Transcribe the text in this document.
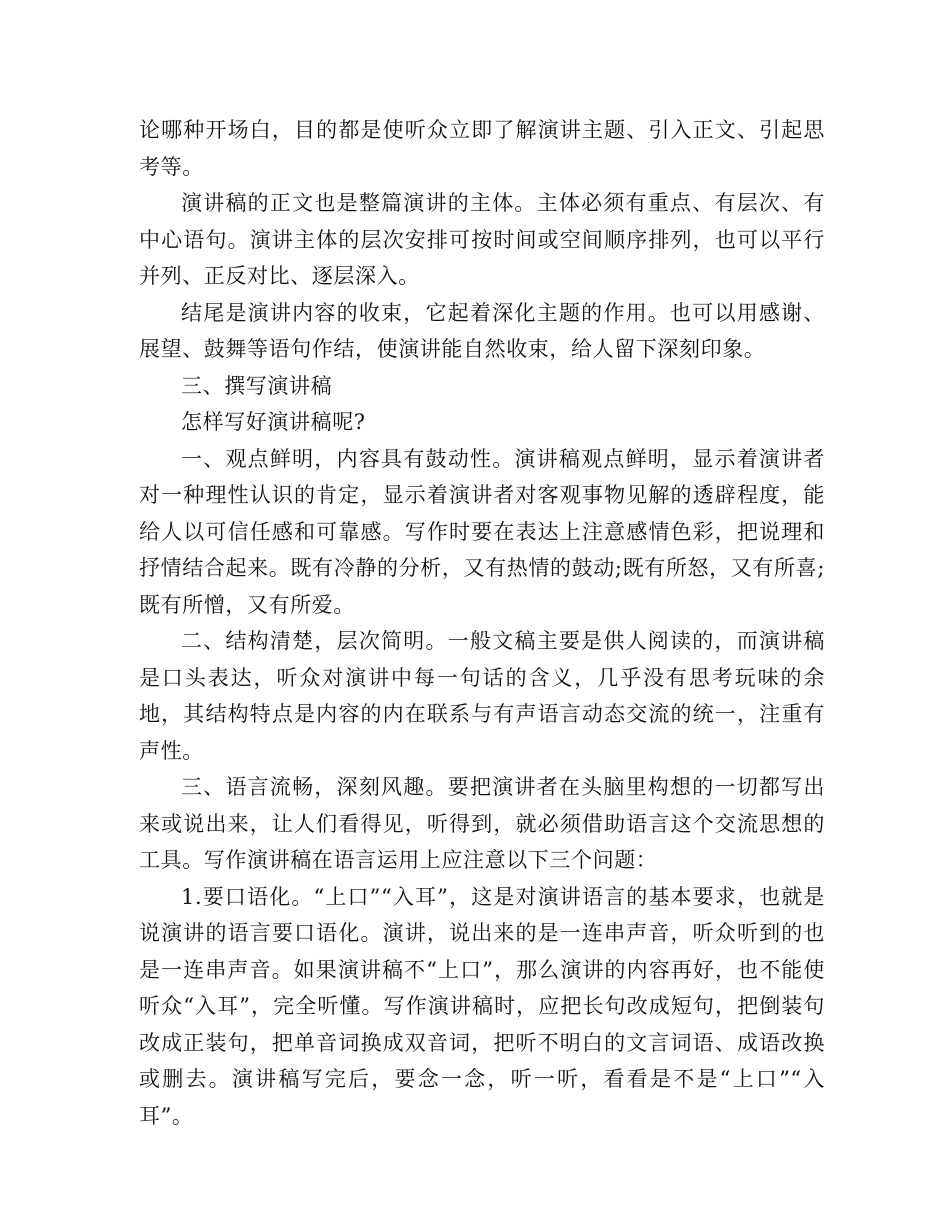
论哪种开场白，目的都是使听众立即了解演讲主题、引入正文、引起思考等。

演讲稿的正文也是整篇演讲的主体。主体必须有重点、有层次、有中心语句。演讲主体的层次安排可按时间或空间顺序排列，也可以平行并列、正反对比、逐层深入。

结尾是演讲内容的收束，它起着深化主题的作用。也可以用感谢、展望、鼓舞等语句作结，使演讲能自然收束，给人留下深刻印象。

三、撰写演讲稿

怎样写好演讲稿呢?

一、观点鲜明，内容具有鼓动性。演讲稿观点鲜明，显示着演讲者对一种理性认识的肯定，显示着演讲者对客观事物见解的透辟程度，能给人以可信任感和可靠感。写作时要在表达上注意感情色彩，把说理和抒情结合起来。既有冷静的分析，又有热情的鼓动;既有所怒，又有所喜;既有所憎，又有所爱。

二、结构清楚，层次简明。一般文稿主要是供人阅读的，而演讲稿是口头表达，听众对演讲中每一句话的含义，几乎没有思考玩味的余地，其结构特点是内容的内在联系与有声语言动态交流的统一，注重有声性。

三、语言流畅，深刻风趣。要把演讲者在头脑里构想的一切都写出来或说出来，让人们看得见，听得到，就必须借助语言这个交流思想的工具。写作演讲稿在语言运用上应注意以下三个问题：

1.要口语化。“上口”“入耳”，这是对演讲语言的基本要求，也就是说演讲的语言要口语化。演讲，说出来的是一连串声音，听众听到的也是一连串声音。如果演讲稿不“上口”，那么演讲的内容再好，也不能使听众“入耳”，完全听懂。写作演讲稿时，应把长句改成短句，把倒装句改成正装句，把单音词换成双音词，把听不明白的文言词语、成语改换或删去。演讲稿写完后，要念一念，听一听，看看是不是“上口”“入耳”。
